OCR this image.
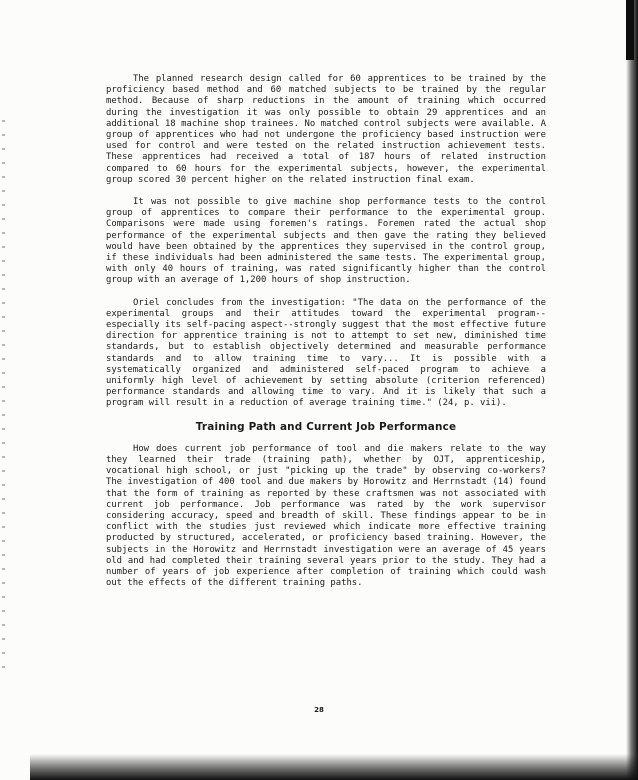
The planned research design called for 60 apprentices to be trained by the proficiency based method and 60 matched subjects to be trained by the regular method. Because of sharp reductions in the amount of training which occurred during the investigation it was only possible to obtain 29 apprentices and an additional 18 machine shop trainees. No matched control subjects were available. A group of apprentices who had not undergone the proficiency based instruction were used for control and were tested on the related instruction achievement tests. These apprentices had received a total of 187 hours of related instruction compared to 60 hours for the experimental subjects, however, the experimental group scored 30 percent higher on the related instruction final exam.

It was not possible to give machine shop performance tests to the control group of apprentices to compare their performance to the experimental group. Comparisons were made using foremen's ratings. Foremen rated the actual shop performance of the experimental subjects and then gave the rating they believed would have been obtained by the apprentices they supervised in the control group, if these individuals had been administered the same tests. The experimental group, with only 40 hours of training, was rated significantly higher than the control group with an average of 1,200 hours of shop instruction.

Oriel concludes from the investigation: "The data on the performance of the experimental groups and their attitudes toward the experimental program--especially its self-pacing aspect--strongly suggest that the most effective future direction for apprentice training is not to attempt to set new, diminished time standards, but to establish objectively determined and measurable performance standards and to allow training time to vary... It is possible with a systematically organized and administered self-paced program to achieve a uniformly high level of achievement by setting absolute (criterion referenced) performance standards and allowing time to vary. And it is likely that such a program will result in a reduction of average training time." (24, p. vii).

Training Path and Current Job Performance

How does current job performance of tool and die makers relate to the way they learned their trade (training path), whether by OJT, apprenticeship, vocational high school, or just "picking up the trade" by observing co-workers? The investigation of 400 tool and due makers by Horowitz and Herrnstadt (14) found that the form of training as reported by these craftsmen was not associated with current job performance. Job performance was rated by the work supervisor considering accuracy, speed and breadth of skill. These findings appear to be in conflict with the studies just reviewed which indicate more effective training producted by structured, accelerated, or proficiency based training. However, the subjects in the Horowitz and Herrnstadt investigation were an average of 45 years old and had completed their training several years prior to the study. They had a number of years of job experience after completion of training which could wash out the effects of the different training paths.

28
